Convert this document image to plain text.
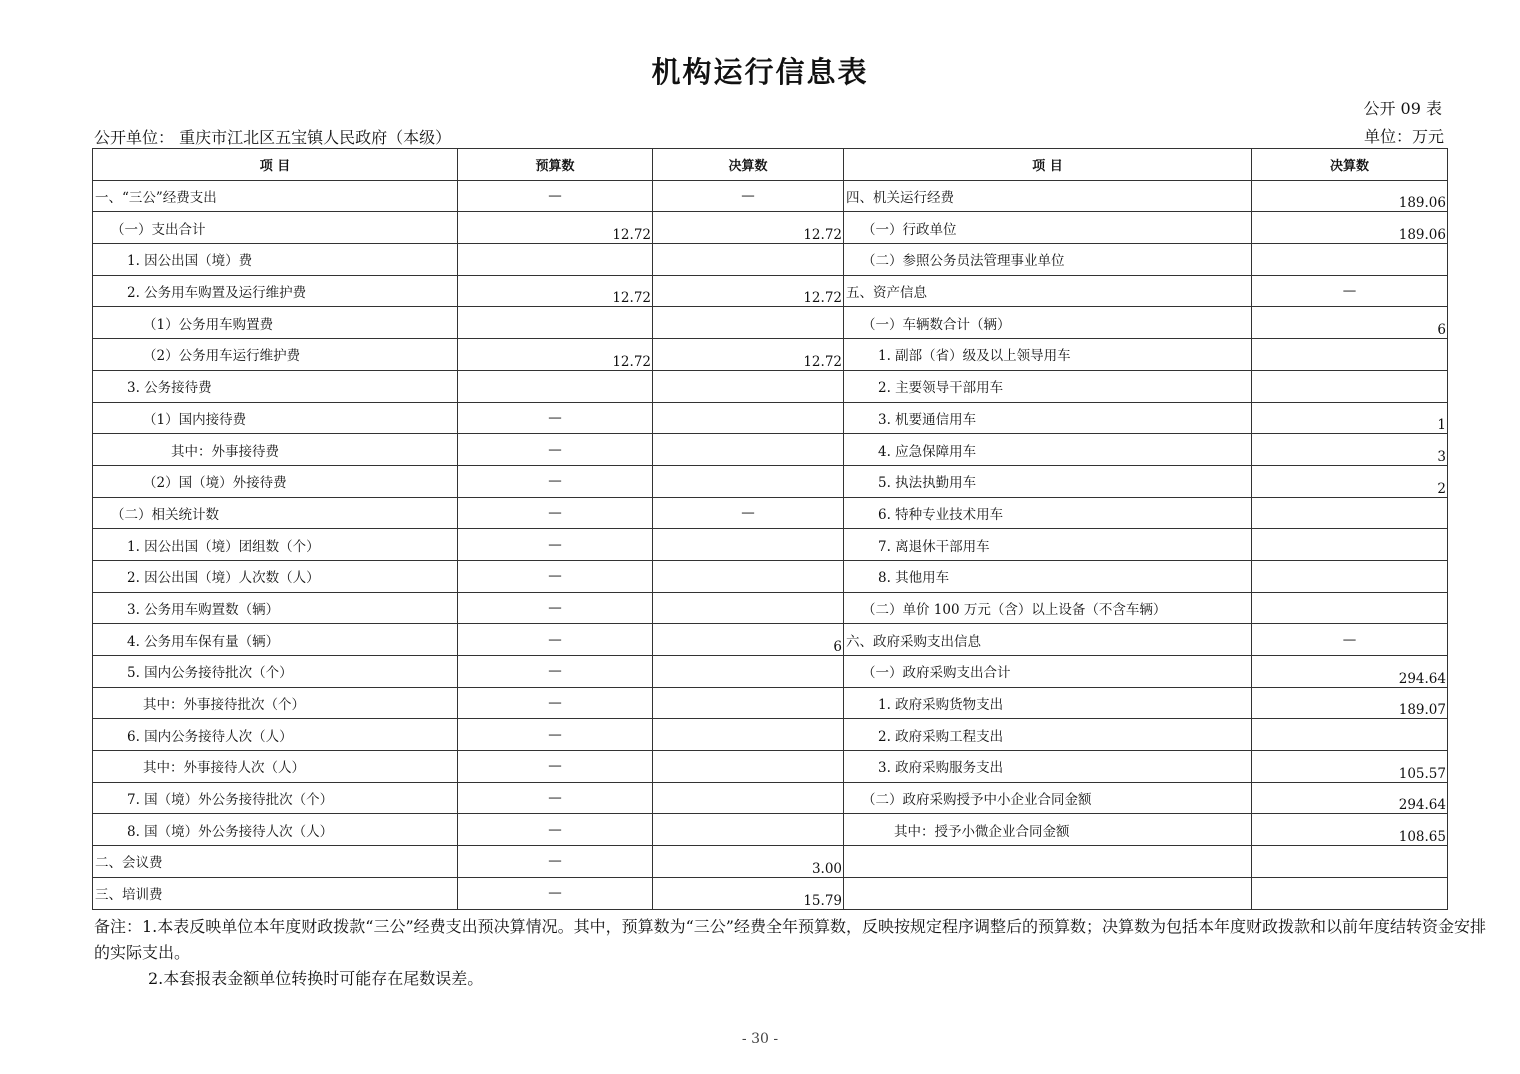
机构运行信息表
公开 09 表
公开单位： 重庆市江北区五宝镇人民政府（本级）	单位：万元
项 目	预算数	决算数	项 目	决算数
一、“三公”经费支出	—	—	四、机关运行经费	189.06
（一）支出合计	12.72	12.72	（一）行政单位	189.06
1. 因公出国（境）费			（二）参照公务员法管理事业单位	
2. 公务用车购置及运行维护费	12.72	12.72	五、资产信息	—
（1）公务用车购置费			（一）车辆数合计（辆）	6
（2）公务用车运行维护费	12.72	12.72	1. 副部（省）级及以上领导用车	
3. 公务接待费			2. 主要领导干部用车	
（1）国内接待费	—		3. 机要通信用车	1
其中：外事接待费	—		4. 应急保障用车	3
（2）国（境）外接待费	—		5. 执法执勤用车	2
（二）相关统计数	—	—	6. 特种专业技术用车	
1. 因公出国（境）团组数（个）	—		7. 离退休干部用车	
2. 因公出国（境）人次数（人）	—		8. 其他用车	
3. 公务用车购置数（辆）	—		（二）单价 100 万元（含）以上设备（不含车辆）	
4. 公务用车保有量（辆）	—	6	六、政府采购支出信息	—
5. 国内公务接待批次（个）	—		（一）政府采购支出合计	294.64
其中：外事接待批次（个）	—		1. 政府采购货物支出	189.07
6. 国内公务接待人次（人）	—		2. 政府采购工程支出	
其中：外事接待人次（人）	—		3. 政府采购服务支出	105.57
7. 国（境）外公务接待批次（个）	—		（二）政府采购授予中小企业合同金额	294.64
8. 国（境）外公务接待人次（人）	—		其中：授予小微企业合同金额	108.65
二、会议费	—	3.00		
三、培训费	—	15.79		

备注：1.本表反映单位本年度财政拨款“三公”经费支出预决算情况。其中，预算数为“三公”经费全年预算数，反映按规定程序调整后的预算数；决算数为包括本年度财政拨款和以前年度结转资金安排的实际支出。

2.本套报表金额单位转换时可能存在尾数误差。

- 30 -
